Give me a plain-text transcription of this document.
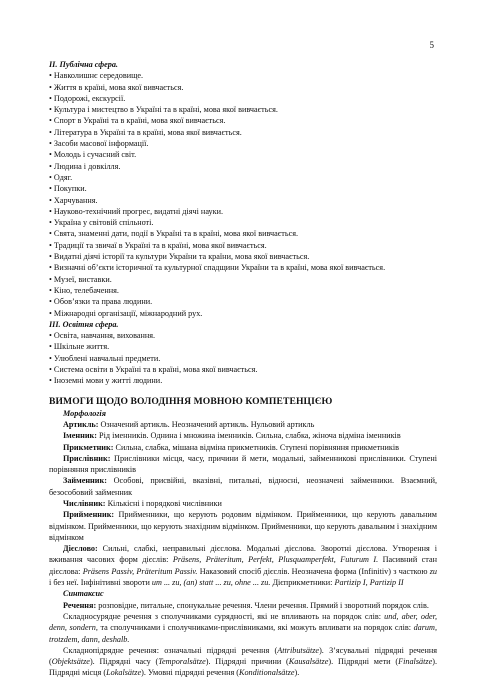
5
ІІ. Публічна сфера.
• Навколишнє середовище.
• Життя в країні, мова якої вивчається.
• Подорожі, екскурсії.
• Культура і мистецтво в Україні та в країні, мова якої вивчається.
• Спорт в Україні та в країні, мова якої вивчається.
• Література в Україні та в країні, мова якої вивчається.
• Засоби масової інформації.
• Молодь і сучасний світ.
• Людина і довкілля.
• Одяг.
• Покупки.
• Харчування.
• Науково-технічний прогрес, видатні діячі науки.
• Україна у світовій спільноті.
• Свята, знаменні дати, події в Україні та в країні, мова якої вивчається.
• Традиції та звичаї в Україні та в країні, мова якої вивчається.
• Видатні діячі історії та культури України та країни, мова якої вивчається.
• Визначні об’єкти історичної та культурної спадщини України та в країні, мова якої вивчається.
• Музеї, виставки.
• Кіно, телебачення.
• Обов’язки та права людини.
• Міжнародні організації, міжнародний рух.
ІІІ. Освітня сфера.
• Освіта, навчання, виховання.
• Шкільне життя.
• Улюблені навчальні предмети.
• Система освіти в Україні та в країні, мова якої вивчається.
• Іноземні мови у житті людини.
ВИМОГИ ЩОДО ВОЛОДІННЯ МОВНОЮ КОМПЕТЕНЦІЄЮ
Морфологія
Артикль: Означений артикль. Неозначений артикль. Нульовий артикль
Іменник: Рід іменників. Однина і множина іменників. Сильна, слабка, жіноча відміна іменників
Прикметник: Сильна, слабка, мішана відміна прикметників. Ступені порівняння прикметників
Прислівник: Прислівники місця, часу, причини й мети, модальні, займенникові прислівники. Ступені порівняння прислівників
Займенник: Особові, присвійні, вказівні, питальні, відносні, неозначені займенники. Взаємний, безособовий займенник
Числівник: Кількісні і порядкові числівники
Прийменник: Прийменники, що керують родовим відмінком. Прийменники, що керують давальним відмінком. Прийменники, що керують знахідним відмінком. Прийменники, що керують давальним і знахідним відмінком
Дієслово: Сильні, слабкі, неправильні дієслова. Модальні дієслова. Зворотні дієслова. Утворення і вживання часових форм дієслів: Präsens, Präteritum, Perfekt, Plusquamperfekt, Futurum I. Пасивний стан дієслова: Präsens Passiv, Präteritum Passiv. Наказовий спосіб дієслів. Неозначена форма (Infinitiv) з часткою zu і без неї. Інфінітивні звороти um ... zu, (an) statt ... zu, ohne ... zu. Дієприкметники: Partizip I, Partizip II
Синтаксис
Речення: розповідне, питальне, спонукальне речення. Члени речення. Прямий і зворотний порядок слів.
Складносурядне речення з сполучниками сурядності, які не впливають на порядок слів: und, aber, oder, denn, sondern, та сполучниками і сполучниками-прислівниками, які можуть впливати на порядок слів: darum, trotzdem, dann, deshalb.
Складнопідрядне речення: означальні підрядні речення (Attributsätze). З’ясувальні підрядні речення (Objektsätze). Підрядні часу (Temporalsätze). Підрядні причини (Kausalsätze). Підрядні мети (Finalsätze). Підрядні місця (Lokalsätze). Умовні підрядні речення (Konditionalsätze).
